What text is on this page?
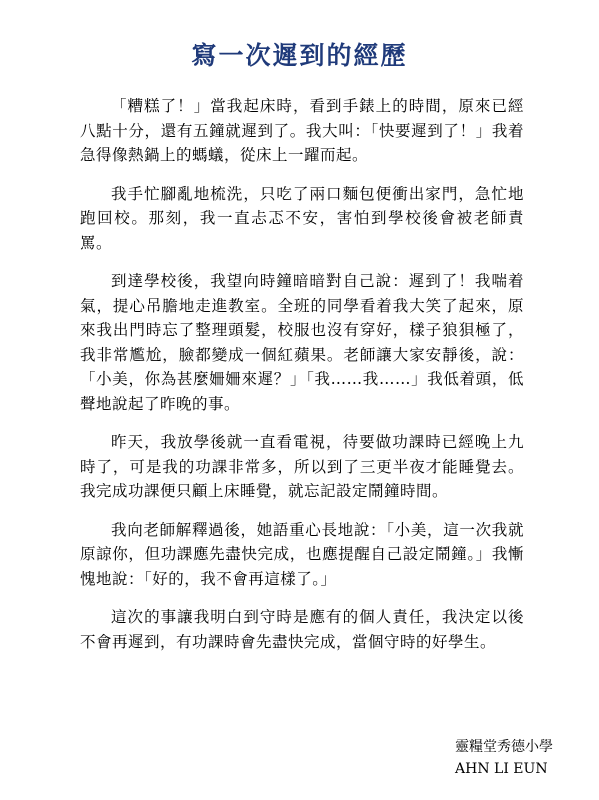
寫一次遲到的經歷

「糟糕了！」當我起床時，看到手錶上的時間，原來已經八點十分，還有五鐘就遲到了。我大叫：「快要遲到了！」我着急得像熱鍋上的螞蟻，從床上一躍而起。

我手忙腳亂地梳洗，只吃了兩口麵包便衝出家門，急忙地跑回校。那刻，我一直忐忑不安，害怕到學校後會被老師責罵。

到達學校後，我望向時鐘暗暗對自己說：遲到了！我喘着氣，提心吊膽地走進教室。全班的同學看着我大笑了起來，原來我出門時忘了整理頭髮，校服也沒有穿好，樣子狼狽極了，我非常尷尬，臉都變成一個紅蘋果。老師讓大家安靜後，說：「小美，你為甚麼姍姍來遲？」「我……我……」我低着頭，低聲地說起了昨晚的事。

昨天，我放學後就一直看電視，待要做功課時已經晚上九時了，可是我的功課非常多，所以到了三更半夜才能睡覺去。我完成功課便只顧上床睡覺，就忘記設定鬧鐘時間。

我向老師解釋過後，她語重心長地說：「小美，這一次我就原諒你，但功課應先盡快完成，也應提醒自己設定鬧鐘。」我慚愧地說：「好的，我不會再這樣了。」

這次的事讓我明白到守時是應有的個人責任，我決定以後不會再遲到，有功課時會先盡快完成，當個守時的好學生。

靈糧堂秀德小學
AHN LI EUN
